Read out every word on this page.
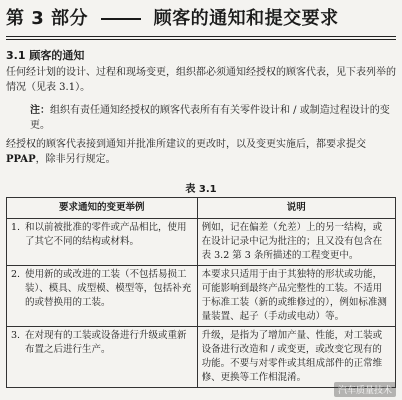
第 3 部分	顾客的通知和提交要求
3.1 顾客的通知

任何经计划的设计、过程和现场变更，组织都必须通知经授权的顾客代表，见下表列举的情况（见表 3.1）。

注：组织有责任通知经授权的顾客代表所有有关零件设计和 / 或制造过程设计的变更。

经授权的顾客代表接到通知并批准所建议的更改时，以及变更实施后，都要求提交PPAP，除非另行规定。

表 3.1
要求通知的变更举例	说明

1. 和以前被批准的零件或产品相比，使用了其它不同的结构或材料。	例如，记在偏差（允差）上的另一结构，或在设计记录中记为批注的；且又没有包含在表 3.2 第 3 条所描述的工程变更中。

2. 使用新的或改进的工装（不包括易损工装）、模具、成型模、模型等，包括补充的或替换用的工装。	本要求只适用于由于其独特的形状或功能，可能影响到最终产品完整性的工装。不适用于标准工装（新的或维修过的），例如标准测量装置、起子（手动或电动）等。

3. 在对现有的工装或设备进行升级或重新布置之后进行生产。	升级，是指为了增加产量、性能，对工装或设备进行改造和 / 或变更，或改变它现有的功能。不要与对零件或其组成部件的正常维修、更换等工作相混淆。
汽车质量技术
